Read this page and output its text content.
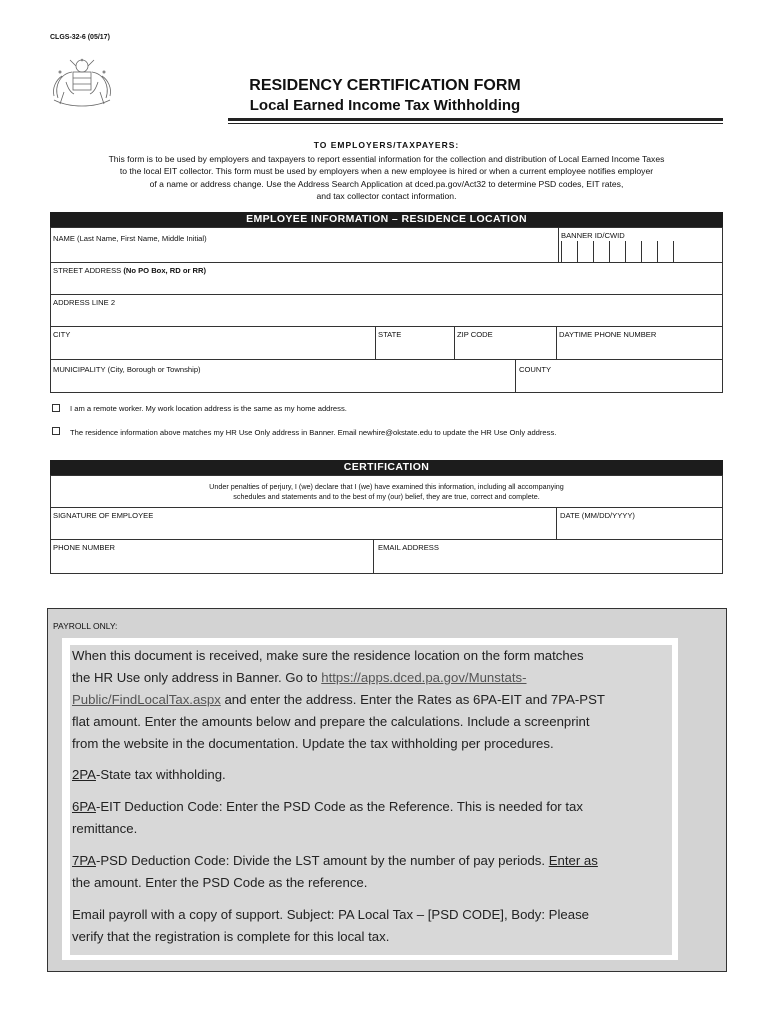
CLGS-32-6 (05/17)
RESIDENCY CERTIFICATION FORM
Local Earned Income Tax Withholding
TO EMPLOYERS/TAXPAYERS:
This form is to be used by employers and taxpayers to report essential information for the collection and distribution of Local Earned Income Taxes
to the local EIT collector. This form must be used by employers when a new employee is hired or when a current employee notifies employer
of a name or address change. Use the Address Search Application at dced.pa.gov/Act32 to determine PSD codes, EIT rates,
and tax collector contact information.
EMPLOYEE INFORMATION – RESIDENCE LOCATION
NAME (Last Name, First Name, Middle Initial)	BANNER ID/CWID
STREET ADDRESS (No PO Box, RD or RR)
ADDRESS LINE 2
CITY	STATE	ZIP CODE	DAYTIME PHONE NUMBER
MUNICIPALITY (City, Borough or Township)	COUNTY
I am a remote worker. My work location address is the same as my home address.
The residence information above matches my HR Use Only address in Banner. Email newhire@okstate.edu to update the HR Use Only address.
CERTIFICATION
Under penalties of perjury, I (we) declare that I (we) have examined this information, including all accompanying
schedules and statements and to the best of my (our) belief, they are true, correct and complete.
SIGNATURE OF EMPLOYEE	DATE (MM/DD/YYYY)
PHONE NUMBER	EMAIL ADDRESS
PAYROLL ONLY:
When this document is received, make sure the residence location on the form matches
the HR Use only address in Banner. Go to https://apps.dced.pa.gov/Munstats-
Public/FindLocalTax.aspx and enter the address. Enter the Rates as 6PA-EIT and 7PA-PST
flat amount. Enter the amounts below and prepare the calculations. Include a screenprint
from the website in the documentation. Update the tax withholding per procedures.
2PA-State tax withholding.
6PA-EIT Deduction Code: Enter the PSD Code as the Reference. This is needed for tax
remittance.
7PA-PSD Deduction Code: Divide the LST amount by the number of pay periods. Enter as
the amount. Enter the PSD Code as the reference.
Email payroll with a copy of support. Subject: PA Local Tax – [PSD CODE], Body: Please
verify that the registration is complete for this local tax.
